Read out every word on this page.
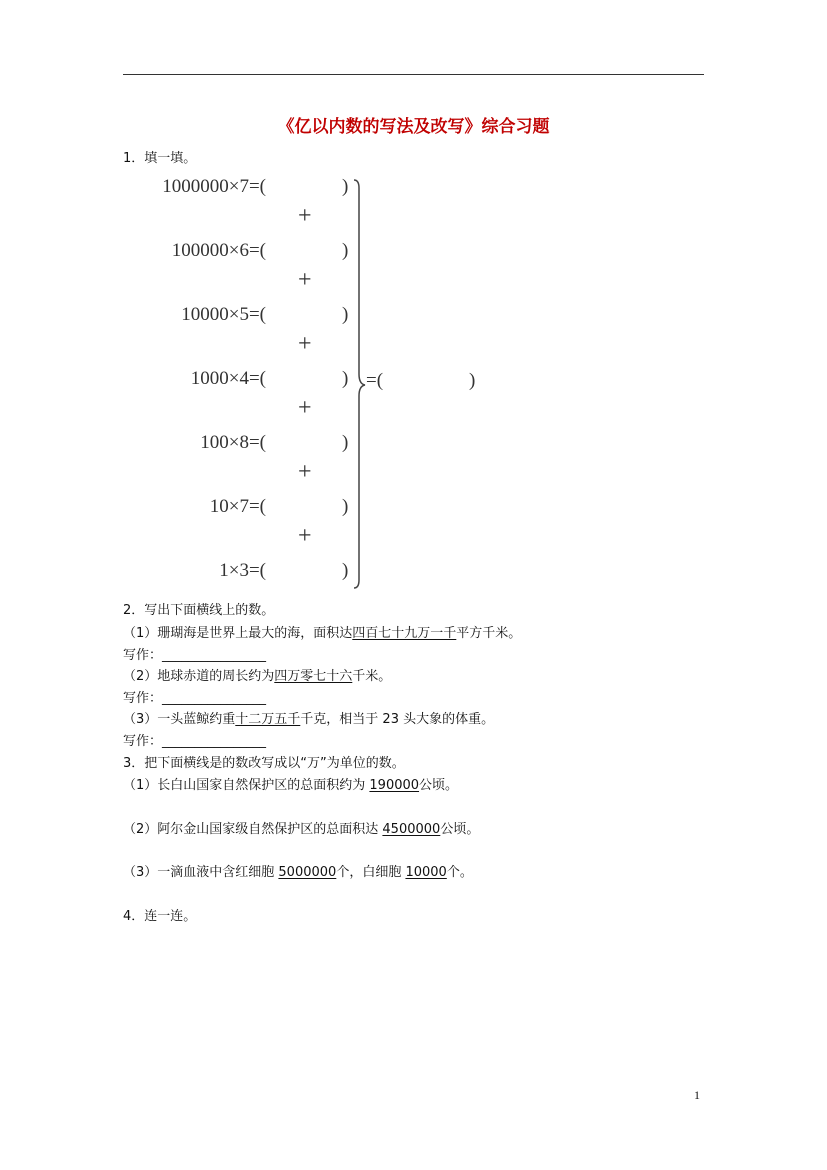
《亿以内数的写法及改写》综合习题
1．填一填。
1000000×7=(	)
+
100000×6=(	)
+
10000×5=(	)
+
1000×4=(	)
+
100×8=(	)
+
10×7=(	)
+
1×3=(	)
=(	)
2．写出下面横线上的数。
（1）珊瑚海是世界上最大的海，面积达四百七十九万一千平方千米。
写作：________________
（2）地球赤道的周长约为四万零七十六千米。
写作：________________
（3）一头蓝鲸约重十二万五千千克，相当于 23 头大象的体重。
写作：________________
3．把下面横线是的数改写成以“万”为单位的数。
（1）长白山国家自然保护区的总面积约为 190000公顷。
（2）阿尔金山国家级自然保护区的总面积达 4500000公顷。
（3）一滴血液中含红细胞 5000000个，白细胞 10000个。
4．连一连。
1
